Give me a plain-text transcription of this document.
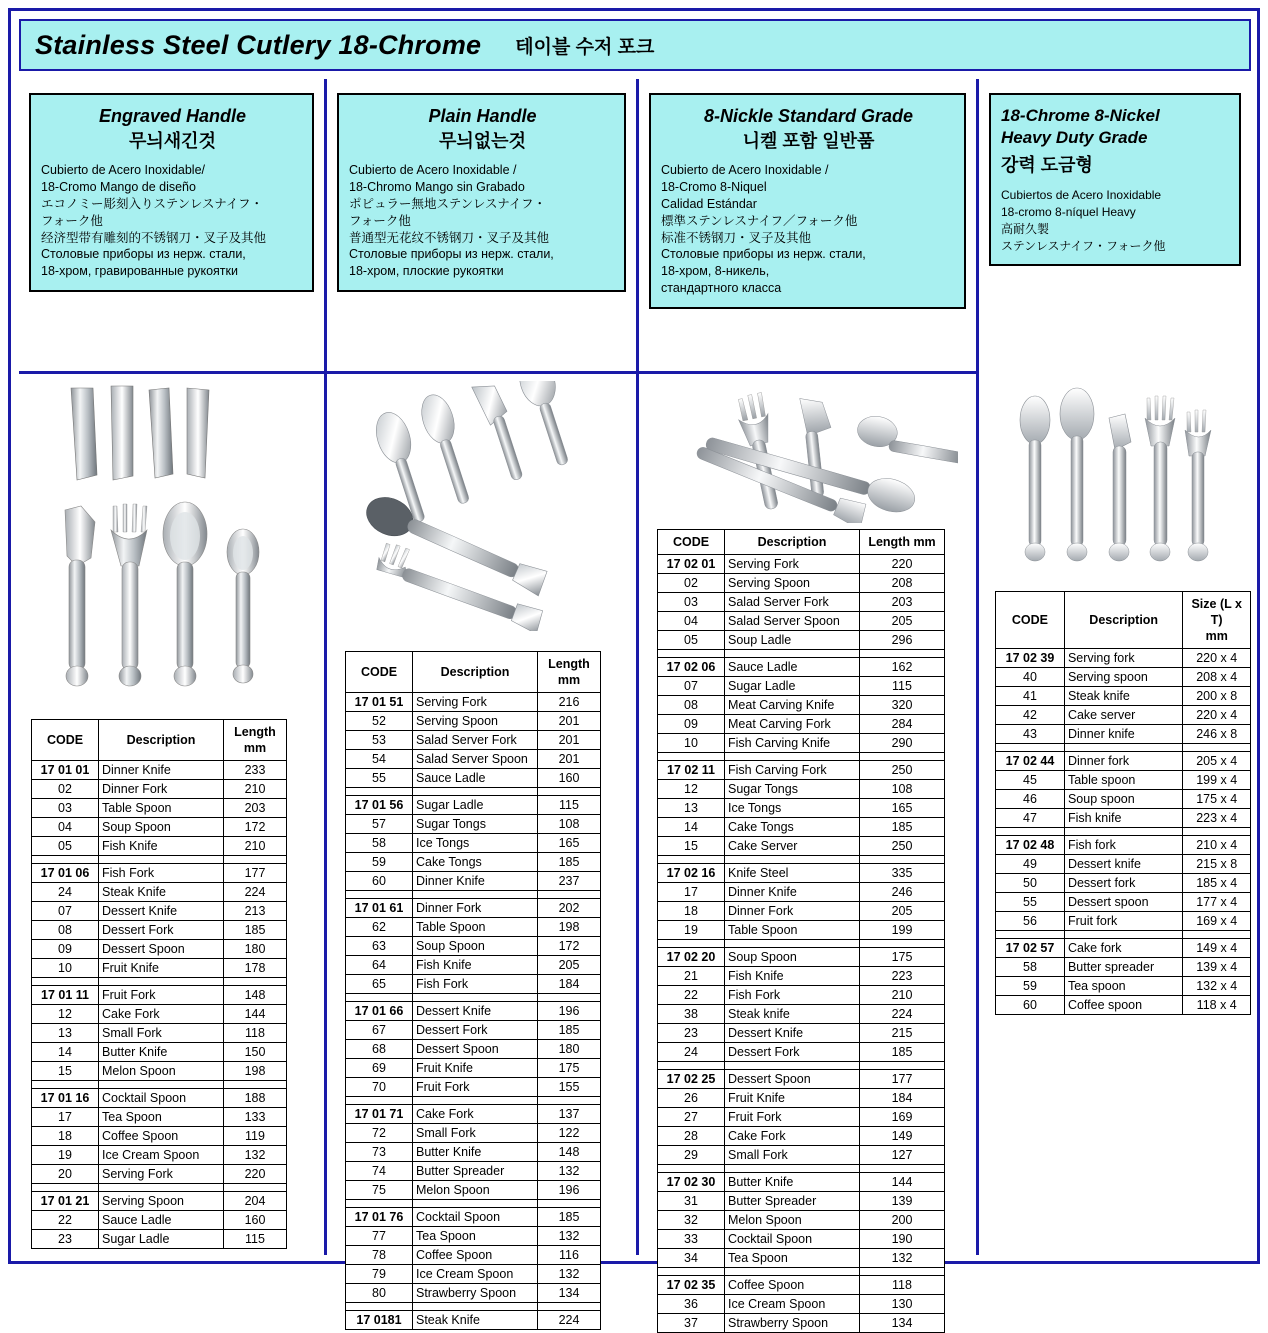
Stainless Steel Cutlery 18-Chrome 테이블 수저 포크
Engraved Handle
무늬새긴것
Cubierto de Acero Inoxidable/
18-Cromo Mango de diseño
エコノミー彫刻入りステンレスナイフ・
フォーク他
经济型带有雕刻的不锈钢刀・叉子及其他
Столовые приборы из нерж. стали,
18-хром, гравированные рукоятки
CODE	Description	Length mm
17 01 01	Dinner Knife	233
02	Dinner Fork	210
03	Table Spoon	203
04	Soup Spoon	172
05	Fish Knife	210

17 01 06	Fish Fork	177
24	Steak Knife	224
07	Dessert Knife	213
08	Dessert Fork	185
09	Dessert Spoon	180
10	Fruit Knife	178

17 01 11	Fruit Fork	148
12	Cake Fork	144
13	Small Fork	118
14	Butter Knife	150
15	Melon Spoon	198

17 01 16	Cocktail Spoon	188
17	Tea Spoon	133
18	Coffee Spoon	119
19	Ice Cream Spoon	132
20	Serving Fork	220

17 01 21	Serving Spoon	204
22	Sauce Ladle	160
23	Sugar Ladle	115
Plain Handle
무늬없는것
Cubierto de Acero Inoxidable /
18-Chromo Mango sin Grabado
ポピュラー無地ステンレスナイフ・
フォーク他
普通型无花纹不锈钢刀・叉子及其他
Столовые приборы из нерж. стали,
18-хром, плоские рукоятки
CODE	Description	Length mm
17 01 51	Serving Fork	216
52	Serving Spoon	201
53	Salad Server Fork	201
54	Salad Server Spoon	201
55	Sauce Ladle	160

17 01 56	Sugar Ladle	115
57	Sugar Tongs	108
58	Ice Tongs	165
59	Cake Tongs	185
60	Dinner Knife	237

17 01 61	Dinner Fork	202
62	Table Spoon	198
63	Soup Spoon	172
64	Fish Knife	205
65	Fish Fork	184

17 01 66	Dessert Knife	196
67	Dessert Fork	185
68	Dessert Spoon	180
69	Fruit Knife	175
70	Fruit Fork	155

17 01 71	Cake Fork	137
72	Small Fork	122
73	Butter Knife	148
74	Butter Spreader	132
75	Melon Spoon	196

17 01 76	Cocktail Spoon	185
77	Tea Spoon	132
78	Coffee Spoon	116
79	Ice Cream Spoon	132
80	Strawberry Spoon	134

17 0181	Steak Knife	224
8-Nickle Standard Grade
니켈 포함 일반품
Cubierto de Acero Inoxidable /
18-Cromo 8-Niquel
Calidad Estándar
標準ステンレスナイフ／フォーク他
标准不锈钢刀・叉子及其他
Столовые приборы из нерж. стали,
18-хром, 8-никель,
стандартного класса
CODE	Description	Length mm
17 02 01	Serving Fork	220
02	Serving Spoon	208
03	Salad Server Fork	203
04	Salad Server Spoon	205
05	Soup Ladle	296

17 02 06	Sauce Ladle	162
07	Sugar Ladle	115
08	Meat Carving Knife	320
09	Meat Carving Fork	284
10	Fish Carving Knife	290

17 02 11	Fish Carving Fork	250
12	Sugar Tongs	108
13	Ice Tongs	165
14	Cake Tongs	185
15	Cake Server	250

17 02 16	Knife Steel	335
17	Dinner Knife	246
18	Dinner Fork	205
19	Table Spoon	199

17 02 20	Soup Spoon	175
21	Fish Knife	223
22	Fish Fork	210
38	Steak knife	224
23	Dessert Knife	215
24	Dessert Fork	185

17 02 25	Dessert Spoon	177
26	Fruit Knife	184
27	Fruit Fork	169
28	Cake Fork	149
29	Small Fork	127

17 02 30	Butter Knife	144
31	Butter Spreader	139
32	Melon Spoon	200
33	Cocktail Spoon	190
34	Tea Spoon	132

17 02 35	Coffee Spoon	118
36	Ice Cream Spoon	130
37	Strawberry Spoon	134
18-Chrome 8-Nickel
Heavy Duty Grade
강력 도금형
Cubiertos de Acero Inoxidable
18-cromo 8-níquel Heavy
高耐久製
ステンレスナイフ・フォーク他
CODE	Description	Size (L x T)
mm
17 02 39	Serving fork	220 x 4
40	Serving spoon	208 x 4
41	Steak knife	200 x 8
42	Cake server	220 x 4
43	Dinner knife	246 x 8

17 02 44	Dinner fork	205 x 4
45	Table spoon	199 x 4
46	Soup spoon	175 x 4
47	Fish knife	223 x 4

17 02 48	Fish fork	210 x 4
49	Dessert knife	215 x 8
50	Dessert fork	185 x 4
55	Dessert spoon	177 x 4
56	Fruit fork	169 x 4

17 02 57	Cake fork	149 x 4
58	Butter spreader	139 x 4
59	Tea spoon	132 x 4
60	Coffee spoon	118 x 4
